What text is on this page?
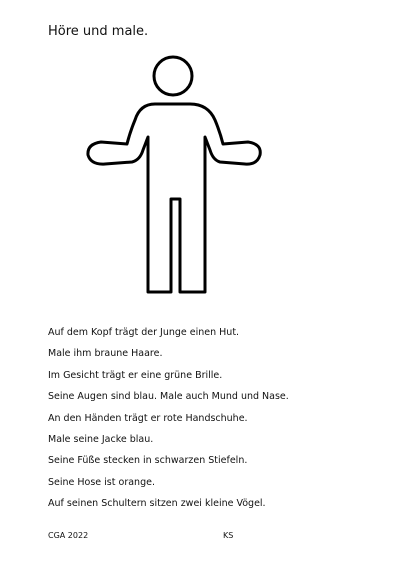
Höre und male.
Auf dem Kopf trägt der Junge einen Hut.
Male ihm braune Haare.
Im Gesicht trägt er eine grüne Brille.
Seine Augen sind blau. Male auch Mund und Nase.
An den Händen trägt er rote Handschuhe.
Male seine Jacke blau.
Seine Füße stecken in schwarzen Stiefeln.
Seine Hose ist orange.
Auf seinen Schultern sitzen zwei kleine Vögel.
CGA 2022	KS
